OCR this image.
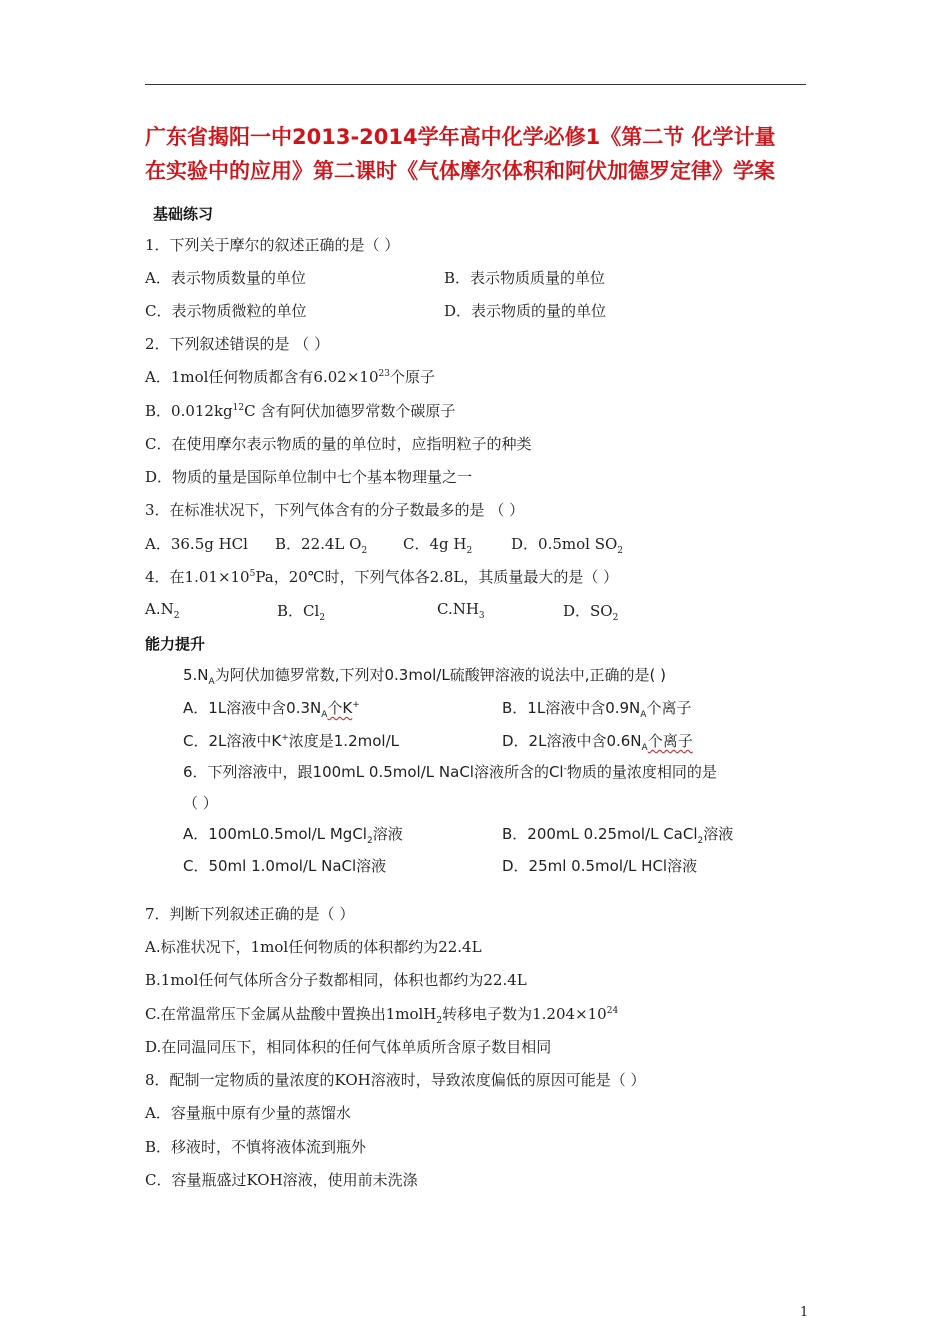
广东省揭阳一中2013-2014学年高中化学必修1《第二节 化学计量
在实验中的应用》第二课时《气体摩尔体积和阿伏加德罗定律》学案
基础练习
1．下列关于摩尔的叙述正确的是（ ）
A．表示物质数量的单位	B．表示物质质量的单位
C．表示物质微粒的单位	D．表示物质的量的单位
2．下列叙述错误的是 （ ）
A．1mol任何物质都含有$6.02\times 10^{23}$个原子
B．$0.012kg^{12}C$ 含有阿伏加德罗常数个碳原子
C．在使用摩尔表示物质的量的单位时，应指明粒子的种类
D．物质的量是国际单位制中七个基本物理量之一
3．在标准状况下，下列气体含有的分子数最多的是 （ ）
A．36.5g HCl B．22.4L $O_2$ C．4g $H_2$	D．0.5mol $SO_2$
4．在$1.01\times 10^5Pa$，20℃时，下列气体各2.8L，其质量最大的是（ ）
$A.N_2$	B．$Cl_2$	$C.NH_3$	D．$SO_2$
能力提升
$5.N_A$为阿伏加德罗常数,下列对0.3mol/L硫酸钾溶液的说法中,正确的是( )
A．1L溶液中含$0.3N_A$个K+	B．1L溶液中含$0.9N_A$个离子
C．2L溶液中K+浓度是1.2mol/L	D．2L溶液中含$0.6N_A$个离子
6．下列溶液中，跟100mL 0.5mol/L NaCl溶液所含的Cl-物质的量浓度相同的是
（ ）
A．100mL0.5mol/L MgCl$_2$溶液	B．200mL 0.25mol/L CaCl$_2$溶液
C．50ml 1.0mol/L NaCl溶液	D．25ml 0.5mol/L HCl溶液
7．判断下列叙述正确的是（ ）
A.标准状况下，1mol任何物质的体积都约为22.4L
B.1mol任何气体所含分子数都相同，体积也都约为22.4L
C.在常温常压下金属从盐酸中置换出1molH$_2$转移电子数为$1.204\times 10^{24}$
D.在同温同压下，相同体积的任何气体单质所含原子数目相同
8．配制一定物质的量浓度的KOH溶液时，导致浓度偏低的原因可能是（ ）
A．容量瓶中原有少量的蒸馏水
B．移液时，不慎将液体流到瓶外
C．容量瓶盛过KOH溶液，使用前未洗涤
1
